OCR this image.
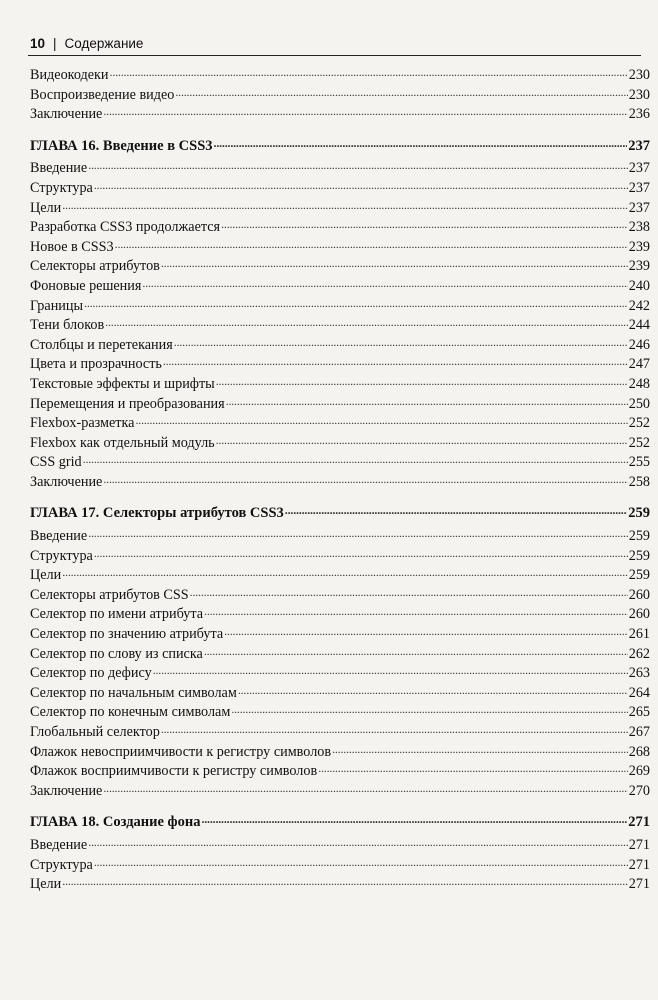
10 | Содержание
Видеокодеки . . .	230
Воспроизведение видео . . .	230
Заключение . . .	236
ГЛАВА 16. Введение в CSS3 . . .	237
Введение . . .	237
Структура . . .	237
Цели . . .	237
Разработка CSS3 продолжается . . .	238
Новое в CSS3 . . .	239
Селекторы атрибутов . . .	239
Фоновые решения . . .	240
Границы . . .	242
Тени блоков . . .	244
Столбцы и перетекания . . .	246
Цвета и прозрачность . . .	247
Текстовые эффекты и шрифты . . .	248
Перемещения и преобразования . . .	250
Flexbox-разметка . . .	252
Flexbox как отдельный модуль . . .	252
CSS grid . . .	255
Заключение . . .	258
ГЛАВА 17. Селекторы атрибутов CSS3 . . .	259
Введение . . .	259
Структура . . .	259
Цели . . .	259
Селекторы атрибутов CSS . . .	260
Селектор по имени атрибута . . .	260
Селектор по значению атрибута . . .	261
Селектор по слову из списка . . .	262
Селектор по дефису . . .	263
Селектор по начальным символам . . .	264
Селектор по конечным символам . . .	265
Глобальный селектор . . .	267
Флажок невосприимчивости к регистру символов . . .	268
Флажок восприимчивости к регистру символов . . .	269
Заключение . . .	270
ГЛАВА 18. Создание фона . . .	271
Введение . . .	271
Структура . . .	271
Цели . . .	271
